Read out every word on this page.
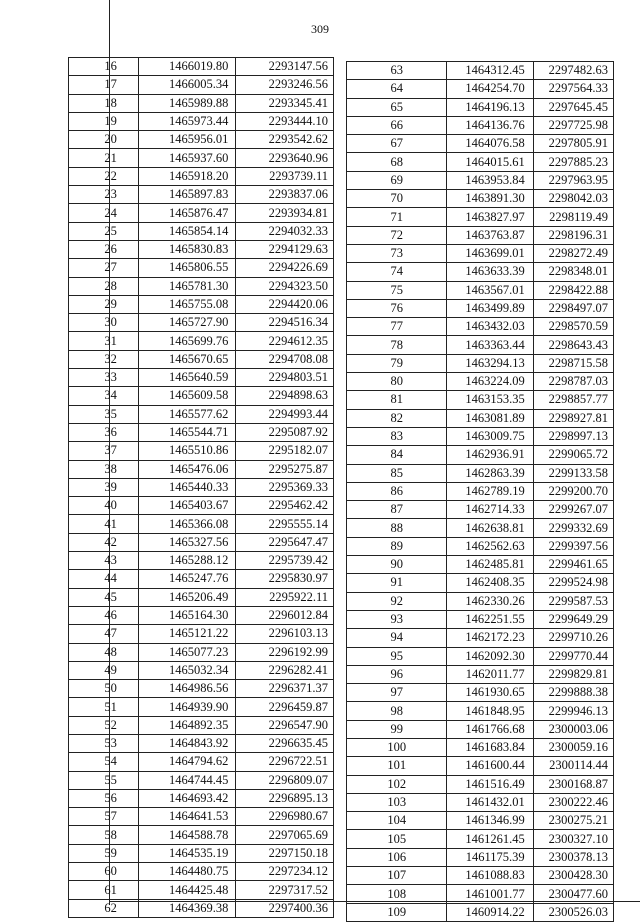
309
16	1466019.80	2293147.56
17	1466005.34	2293246.56
18	1465989.88	2293345.41
19	1465973.44	2293444.10
20	1465956.01	2293542.62
21	1465937.60	2293640.96
22	1465918.20	2293739.11
23	1465897.83	2293837.06
24	1465876.47	2293934.81
25	1465854.14	2294032.33
26	1465830.83	2294129.63
27	1465806.55	2294226.69
28	1465781.30	2294323.50
29	1465755.08	2294420.06
30	1465727.90	2294516.34
31	1465699.76	2294612.35
32	1465670.65	2294708.08
33	1465640.59	2294803.51
34	1465609.58	2294898.63
35	1465577.62	2294993.44
36	1465544.71	2295087.92
37	1465510.86	2295182.07
38	1465476.06	2295275.87
39	1465440.33	2295369.33
40	1465403.67	2295462.42
41	1465366.08	2295555.14
42	1465327.56	2295647.47
43	1465288.12	2295739.42
44	1465247.76	2295830.97
45	1465206.49	2295922.11
46	1465164.30	2296012.84
47	1465121.22	2296103.13
48	1465077.23	2296192.99
49	1465032.34	2296282.41
50	1464986.56	2296371.37
51	1464939.90	2296459.87
52	1464892.35	2296547.90
53	1464843.92	2296635.45
54	1464794.62	2296722.51
55	1464744.45	2296809.07
56	1464693.42	2296895.13
57	1464641.53	2296980.67
58	1464588.78	2297065.69
59	1464535.19	2297150.18
60	1464480.75	2297234.12
61	1464425.48	2297317.52
62	1464369.38	2297400.36
63	1464312.45	2297482.63
64	1464254.70	2297564.33
65	1464196.13	2297645.45
66	1464136.76	2297725.98
67	1464076.58	2297805.91
68	1464015.61	2297885.23
69	1463953.84	2297963.95
70	1463891.30	2298042.03
71	1463827.97	2298119.49
72	1463763.87	2298196.31
73	1463699.01	2298272.49
74	1463633.39	2298348.01
75	1463567.01	2298422.88
76	1463499.89	2298497.07
77	1463432.03	2298570.59
78	1463363.44	2298643.43
79	1463294.13	2298715.58
80	1463224.09	2298787.03
81	1463153.35	2298857.77
82	1463081.89	2298927.81
83	1463009.75	2298997.13
84	1462936.91	2299065.72
85	1462863.39	2299133.58
86	1462789.19	2299200.70
87	1462714.33	2299267.07
88	1462638.81	2299332.69
89	1462562.63	2299397.56
90	1462485.81	2299461.65
91	1462408.35	2299524.98
92	1462330.26	2299587.53
93	1462251.55	2299649.29
94	1462172.23	2299710.26
95	1462092.30	2299770.44
96	1462011.77	2299829.81
97	1461930.65	2299888.38
98	1461848.95	2299946.13
99	1461766.68	2300003.06
100	1461683.84	2300059.16
101	1461600.44	2300114.44
102	1461516.49	2300168.87
103	1461432.01	2300222.46
104	1461346.99	2300275.21
105	1461261.45	2300327.10
106	1461175.39	2300378.13
107	1461088.83	2300428.30
108	1461001.77	2300477.60
109	1460914.22	2300526.03
